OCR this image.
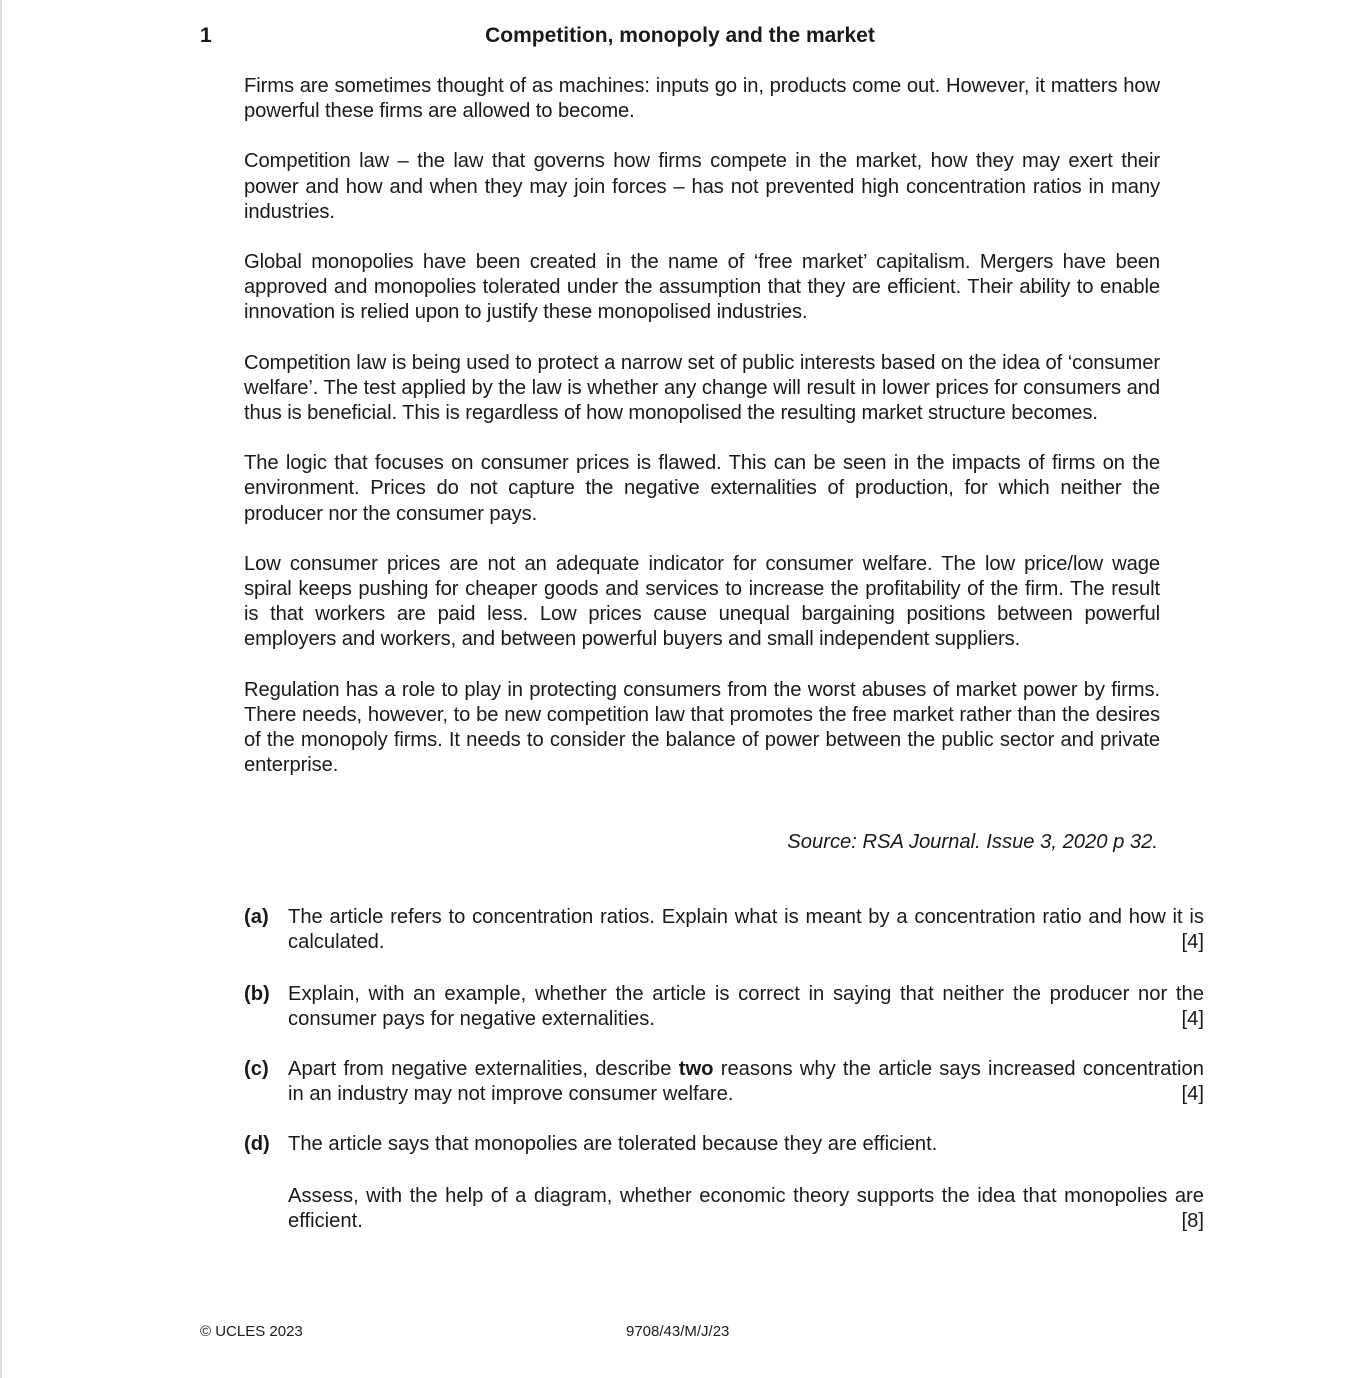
1	Competition, monopoly and the market

Firms are sometimes thought of as machines: inputs go in, products come out. However, it matters how powerful these firms are allowed to become.

Competition law – the law that governs how firms compete in the market, how they may exert their power and how and when they may join forces – has not prevented high concentration ratios in many industries.

Global monopolies have been created in the name of ‘free market’ capitalism. Mergers have been approved and monopolies tolerated under the assumption that they are efficient. Their ability to enable innovation is relied upon to justify these monopolised industries.

Competition law is being used to protect a narrow set of public interests based on the idea of ‘consumer welfare’. The test applied by the law is whether any change will result in lower prices for consumers and thus is beneficial. This is regardless of how monopolised the resulting market structure becomes.

The logic that focuses on consumer prices is flawed. This can be seen in the impacts of firms on the environment. Prices do not capture the negative externalities of production, for which neither the producer nor the consumer pays.

Low consumer prices are not an adequate indicator for consumer welfare. The low price/low wage spiral keeps pushing for cheaper goods and services to increase the profitability of the firm. The result is that workers are paid less. Low prices cause unequal bargaining positions between powerful employers and workers, and between powerful buyers and small independent suppliers.

Regulation has a role to play in protecting consumers from the worst abuses of market power by firms. There needs, however, to be new competition law that promotes the free market rather than the desires of the monopoly firms. It needs to consider the balance of power between the public sector and private enterprise.

Source: RSA Journal. Issue 3, 2020 p 32.
(a) The article refers to concentration ratios. Explain what is meant by a concentration ratio and how it is calculated.	[4]
(b) Explain, with an example, whether the article is correct in saying that neither the producer nor the consumer pays for negative externalities.	[4]
(c) Apart from negative externalities, describe two reasons why the article says increased concentration in an industry may not improve consumer welfare.	[4]
(d) The article says that monopolies are tolerated because they are efficient.
Assess, with the help of a diagram, whether economic theory supports the idea that monopolies are efficient.	[8]
© UCLES 2023	9708/43/M/J/23
